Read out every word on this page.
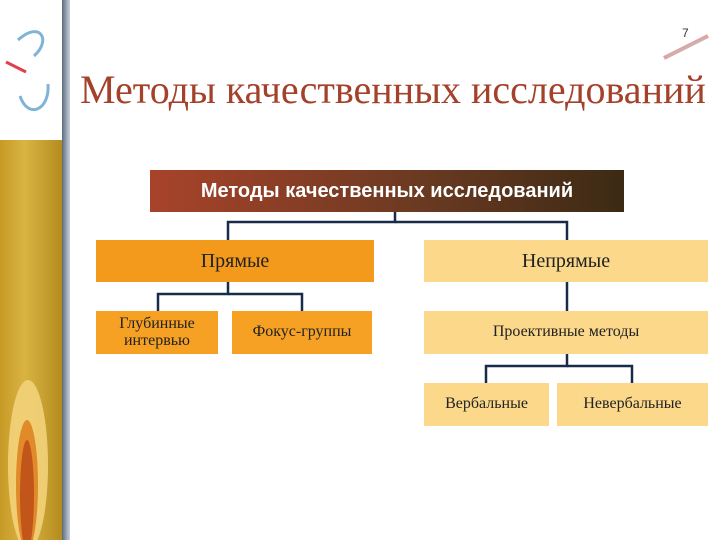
7
Методы качественных исследований
Методы качественных исследований
Прямые	Непрямые
Глубинные интервью	Фокус-группы	Проективные методы
Вербальные	Невербальные
